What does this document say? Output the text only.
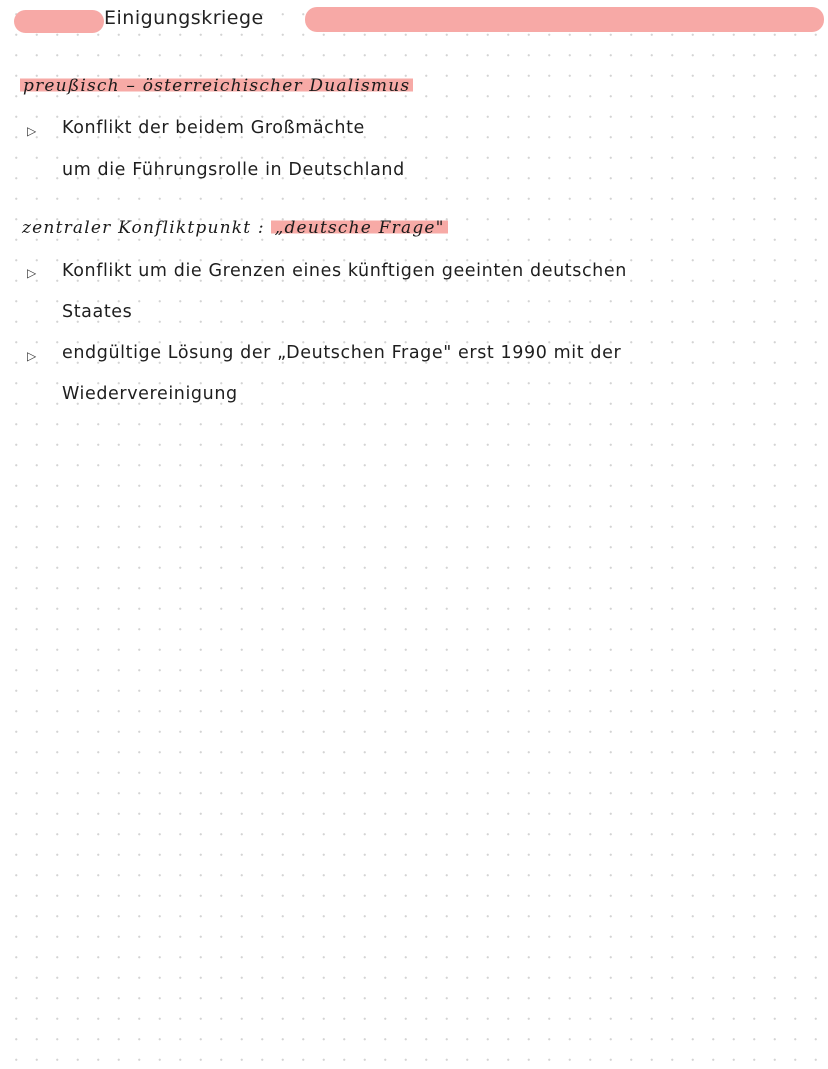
Einigungskriege
preußisch – österreichischer Dualismus
▷ Konflikt der beidem Großmächte
um die Führungsrolle in Deutschland
zentraler Konfliktpunkt : „deutsche Frage"
▷ Konflikt um die Grenzen eines künftigen geeinten deutschen
Staates
▷ endgültige Lösung der „Deutschen Frage" erst 1990 mit der
Wiedervereinigung
